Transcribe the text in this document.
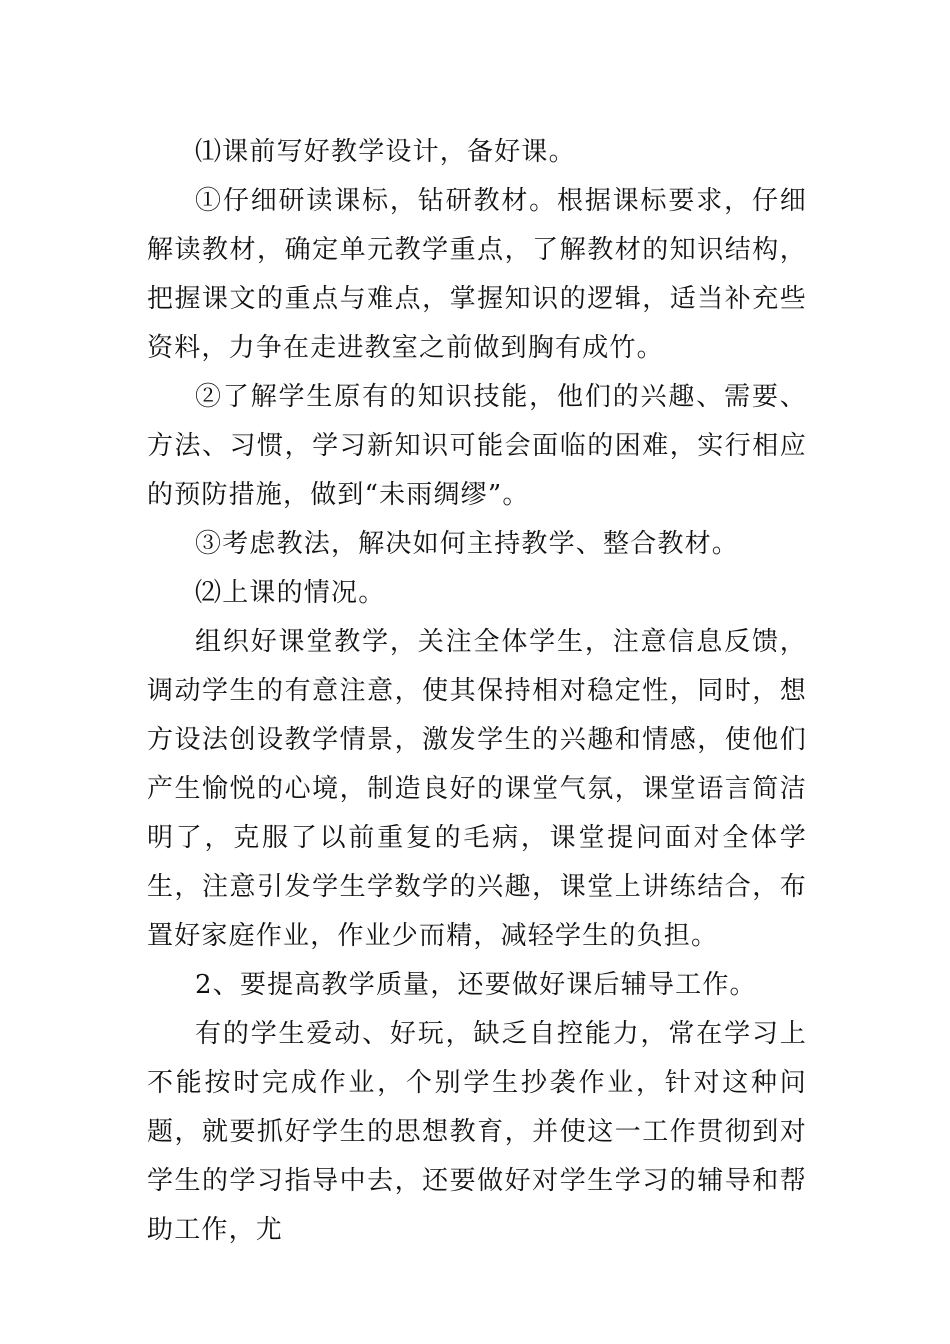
⑴课前写好教学设计，备好课。

①仔细研读课标，钻研教材。根据课标要求，仔细解读教材，确定单元教学重点，了解教材的知识结构，把握课文的重点与难点，掌握知识的逻辑，适当补充些资料，力争在走进教室之前做到胸有成竹。

②了解学生原有的知识技能，他们的兴趣、需要、方法、习惯，学习新知识可能会面临的困难，实行相应的预防措施，做到“未雨绸缪”。

③考虑教法，解决如何主持教学、整合教材。

⑵上课的情况。

组织好课堂教学，关注全体学生，注意信息反馈，调动学生的有意注意，使其保持相对稳定性，同时，想方设法创设教学情景，激发学生的兴趣和情感，使他们产生愉悦的心境，制造良好的课堂气氛，课堂语言简洁明了，克服了以前重复的毛病，课堂提问面对全体学生，注意引发学生学数学的兴趣，课堂上讲练结合，布置好家庭作业，作业少而精，减轻学生的负担。

2、要提高教学质量，还要做好课后辅导工作。

有的学生爱动、好玩，缺乏自控能力，常在学习上不能按时完成作业，个别学生抄袭作业，针对这种问题，就要抓好学生的思想教育，并使这一工作贯彻到对学生的学习指导中去，还要做好对学生学习的辅导和帮助工作，尤
